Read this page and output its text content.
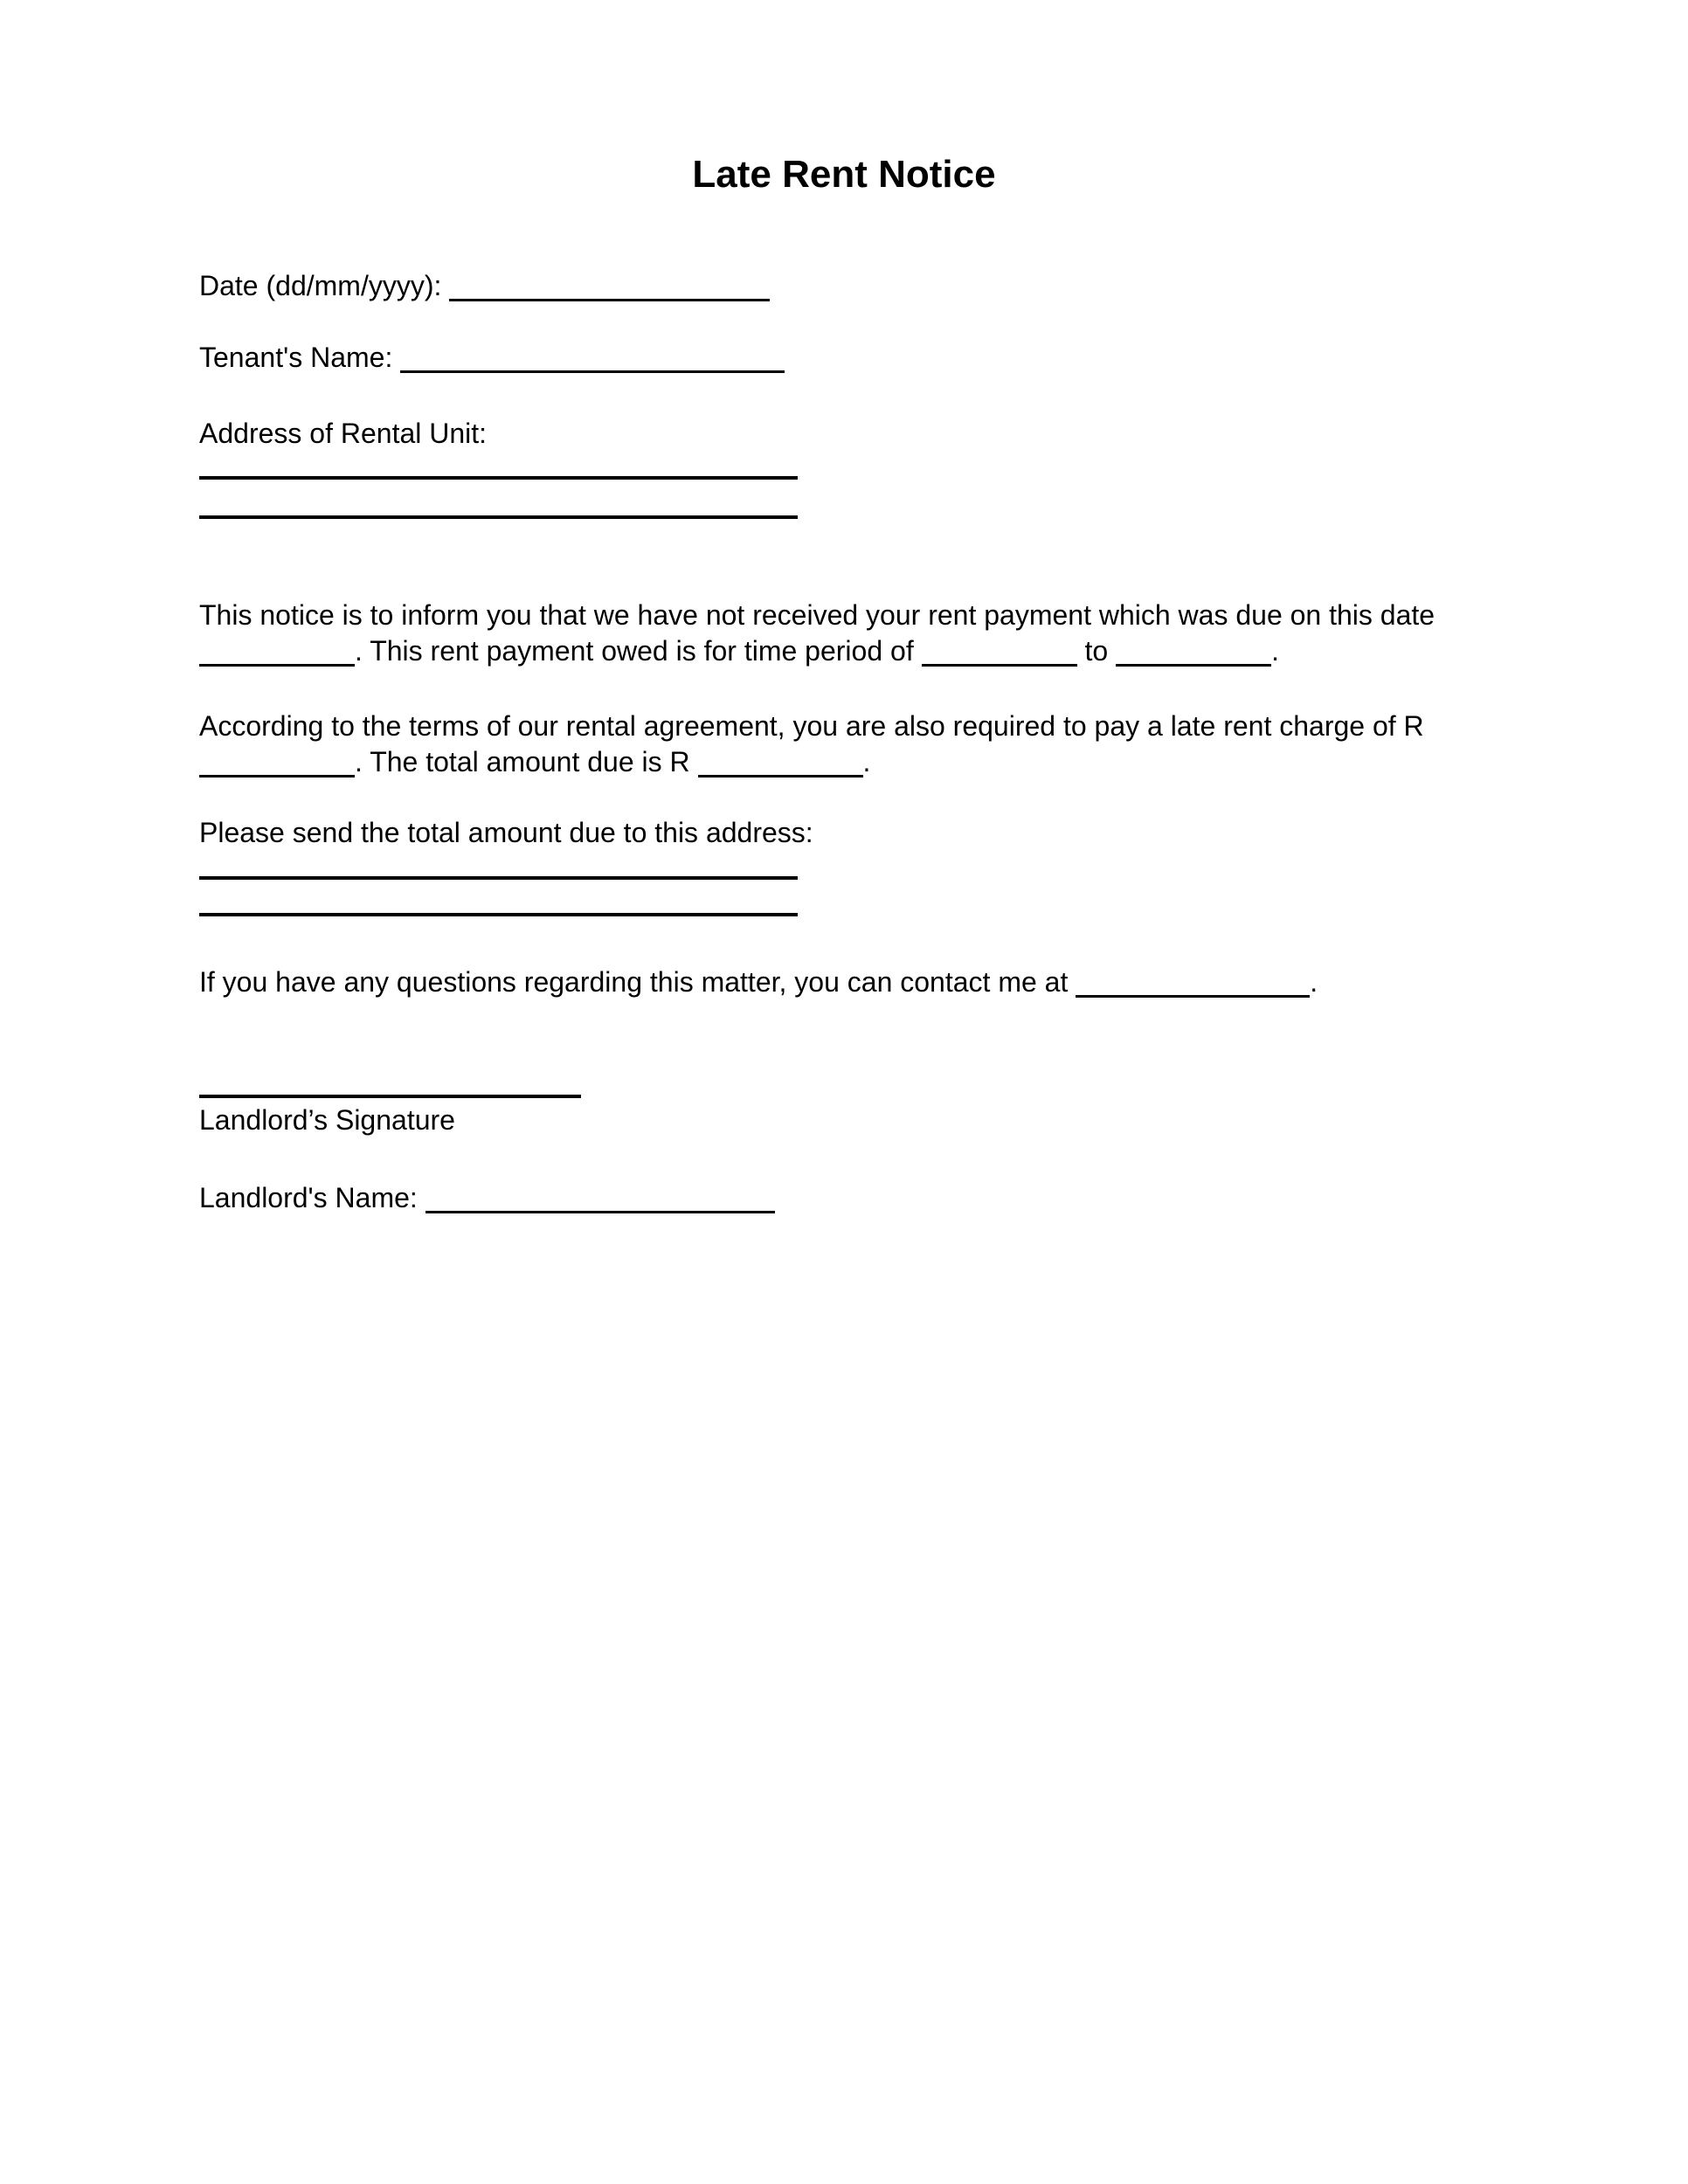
Late Rent Notice
Date (dd/mm/yyyy):
Tenant's Name:
Address of Rental Unit:

This notice is to inform you that we have not received your rent payment which was due on this date . This rent payment owed is for time period of	to	.

According to the terms of our rental agreement, you are also required to pay a late rent charge of R . The total amount due is R	.

Please send the total amount due to this address:

If you have any questions regarding this matter, you can contact me at	.

Landlord’s Signature
Landlord's Name:
